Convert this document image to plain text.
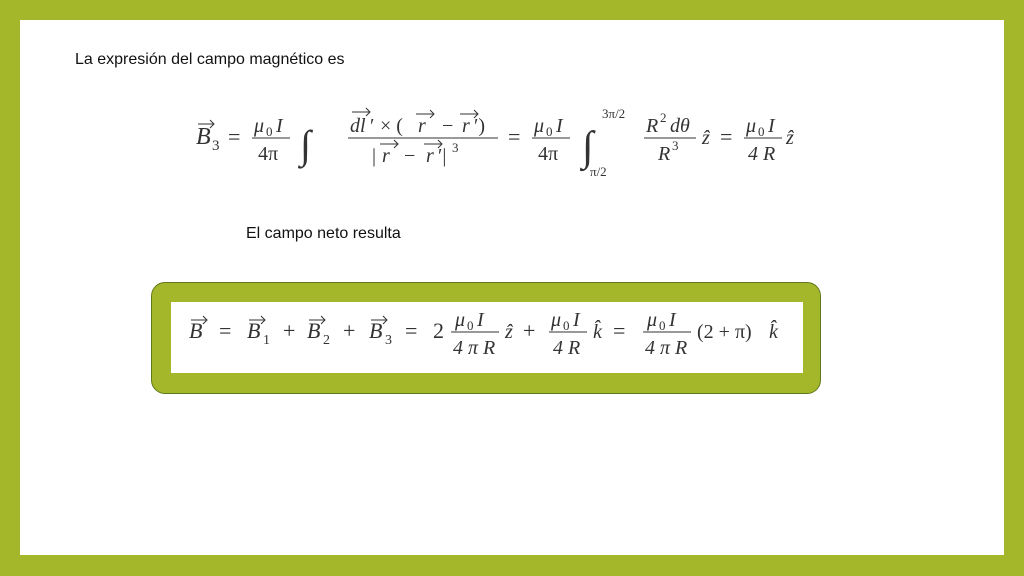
La expresión del campo magnético es
B 3 = μ 0 I
4π ∫ dl ′ × ( r − r ′)
| r − r ′| 3 = μ 0 I
4π ∫
3π/2
π/2
R 2 dθ
R 3 ẑ = μ 0 I
4 R
ẑ
El campo neto resulta
B = B 1 + B 2 + B 3 = 2 μ 0 I
4 π R
ẑ + μ 0 I
4 R
k̂ = μ 0 I
4 π R
(2 + π) k̂
